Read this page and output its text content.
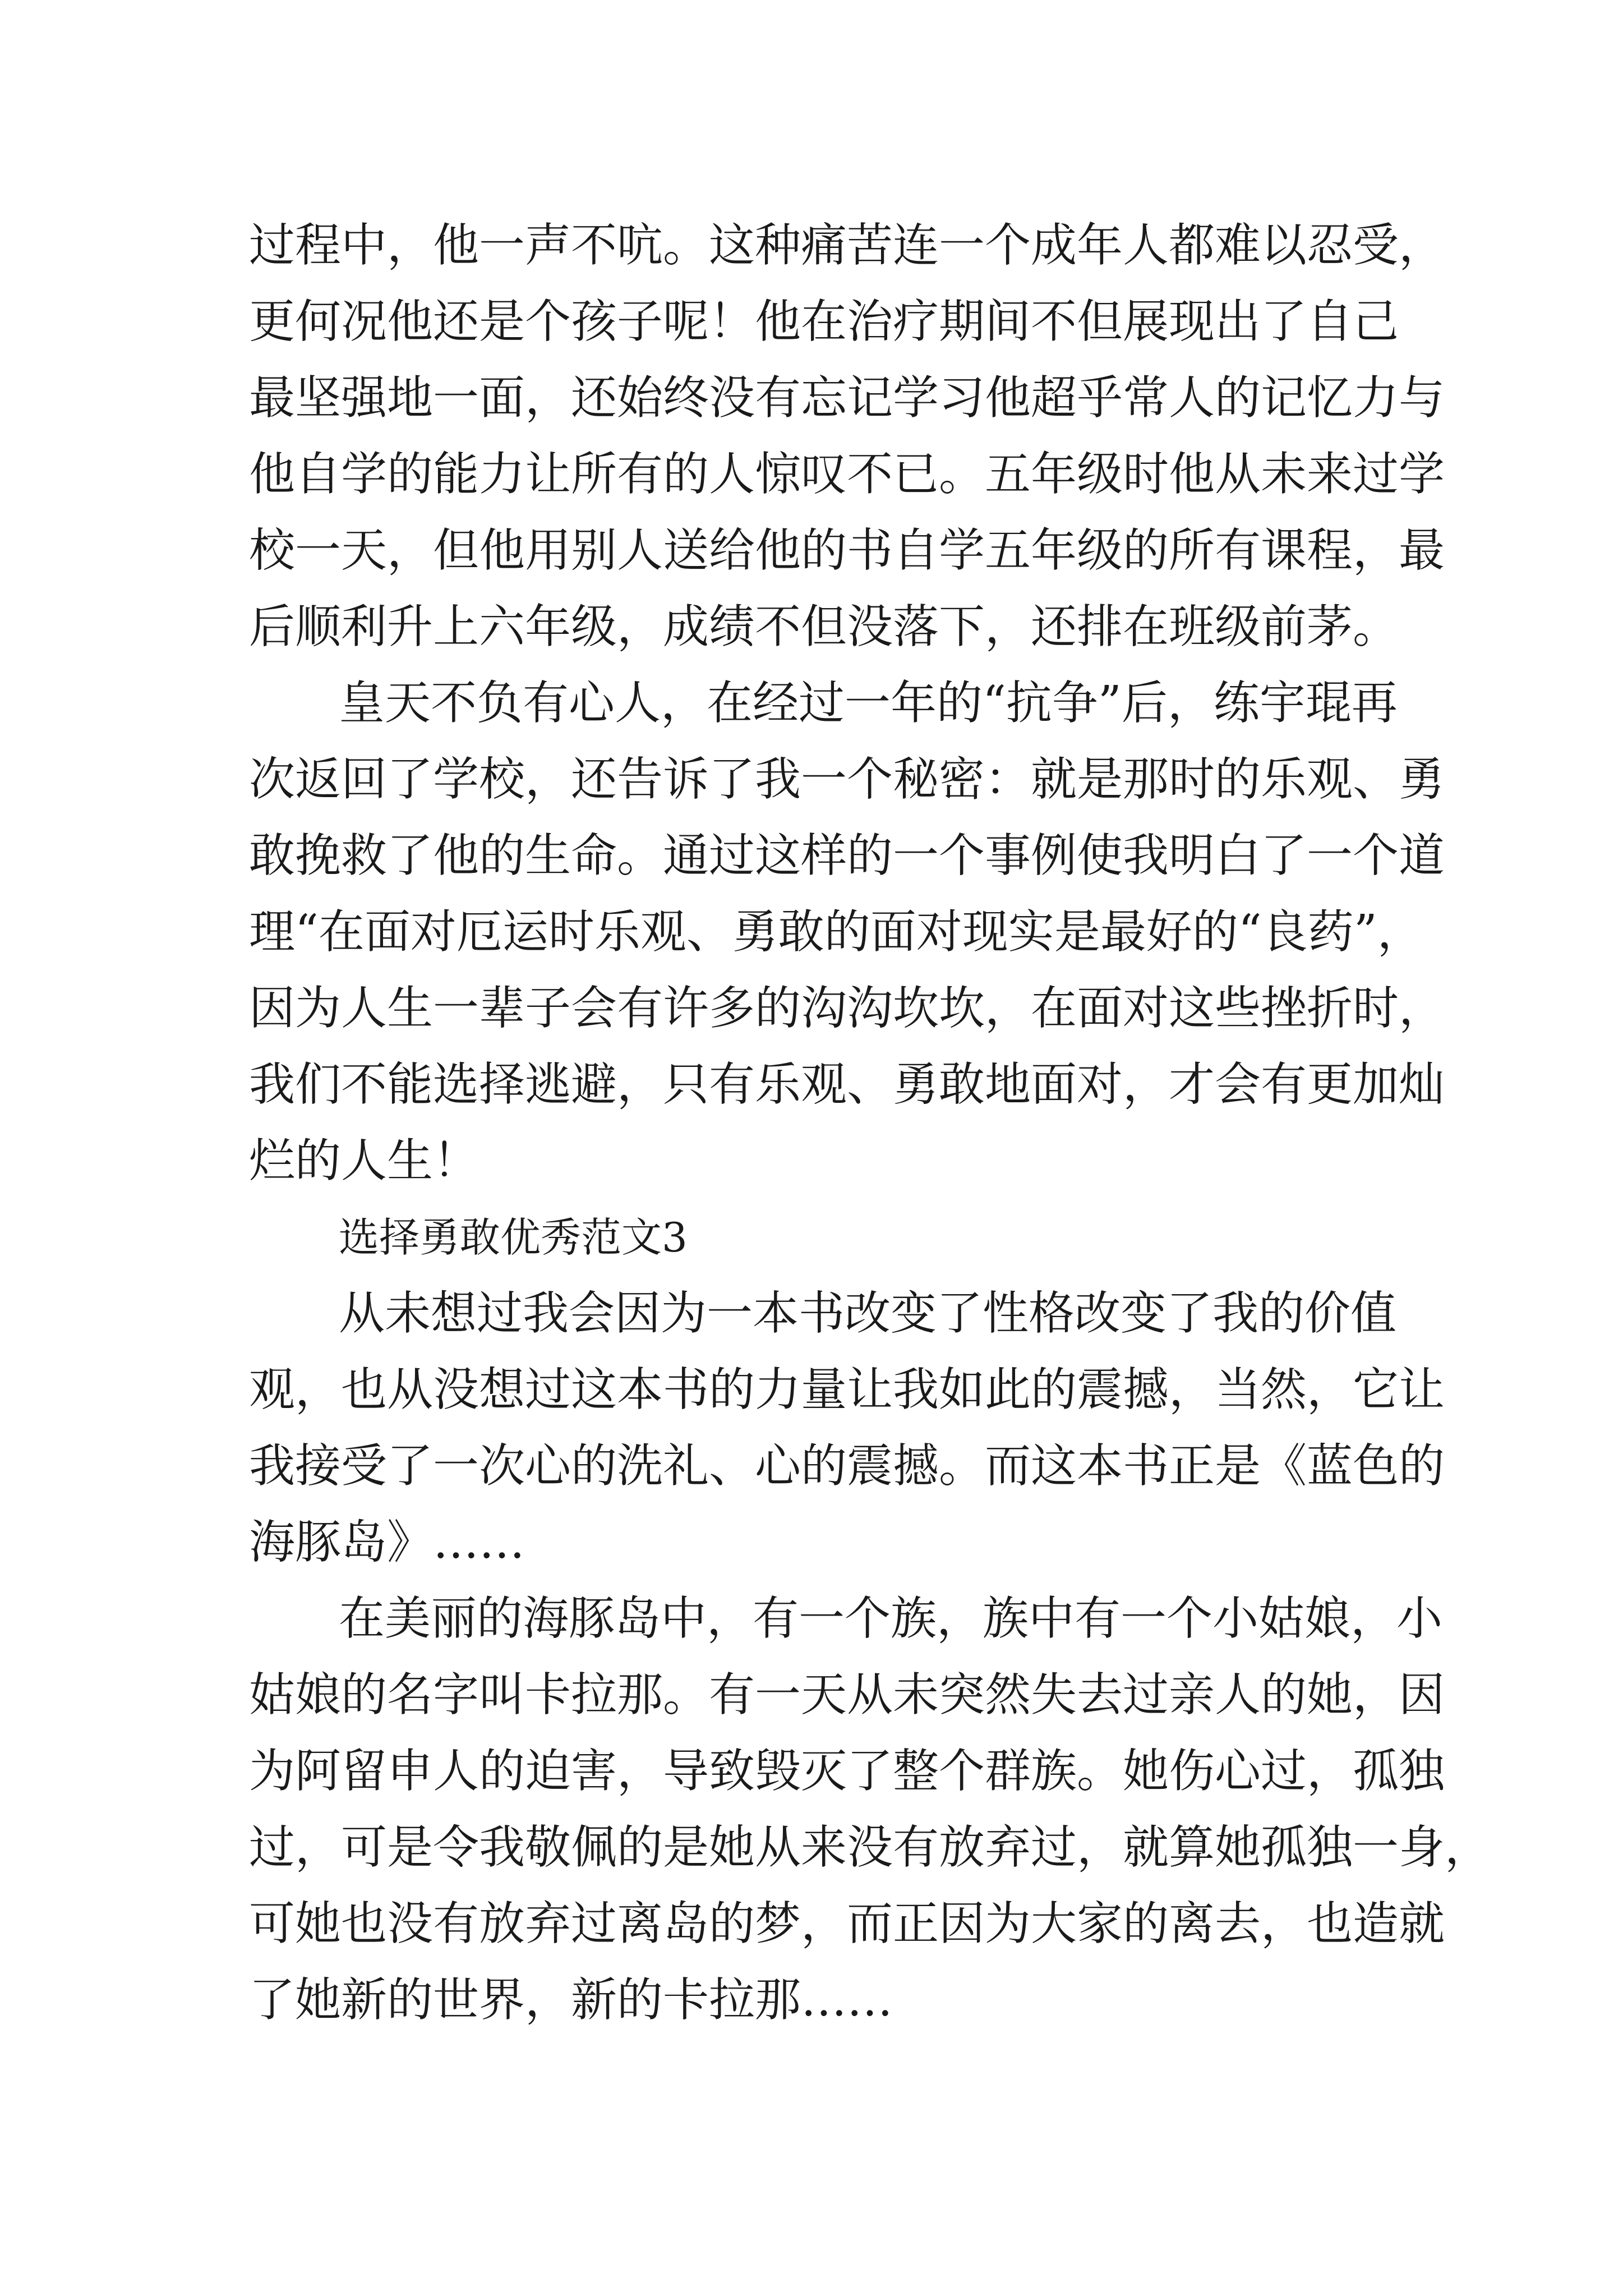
过程中，他一声不吭。这种痛苦连一个成年人都难以忍受，
更何况他还是个孩子呢！他在治疗期间不但展现出了自己
最坚强地一面，还始终没有忘记学习他超乎常人的记忆力与
他自学的能力让所有的人惊叹不已。五年级时他从未来过学
校一天，但他用别人送给他的书自学五年级的所有课程，最
后顺利升上六年级，成绩不但没落下，还排在班级前茅。
皇天不负有心人，在经过一年的“抗争”后，练宇琨再
次返回了学校，还告诉了我一个秘密：就是那时的乐观、勇
敢挽救了他的生命。通过这样的一个事例使我明白了一个道
理“在面对厄运时乐观、勇敢的面对现实是最好的“良药”，
因为人生一辈子会有许多的沟沟坎坎，在面对这些挫折时，
我们不能选择逃避，只有乐观、勇敢地面对，才会有更加灿
烂的人生！
选择勇敢优秀范文3
从未想过我会因为一本书改变了性格改变了我的价值
观，也从没想过这本书的力量让我如此的震撼，当然，它让
我接受了一次心的洗礼、心的震撼。而这本书正是《蓝色的
海豚岛》……
在美丽的海豚岛中，有一个族，族中有一个小姑娘，小
姑娘的名字叫卡拉那。有一天从未突然失去过亲人的她，因
为阿留申人的迫害，导致毁灭了整个群族。她伤心过，孤独
过，可是令我敬佩的是她从来没有放弃过，就算她孤独一身，
可她也没有放弃过离岛的梦，而正因为大家的离去，也造就
了她新的世界，新的卡拉那……
